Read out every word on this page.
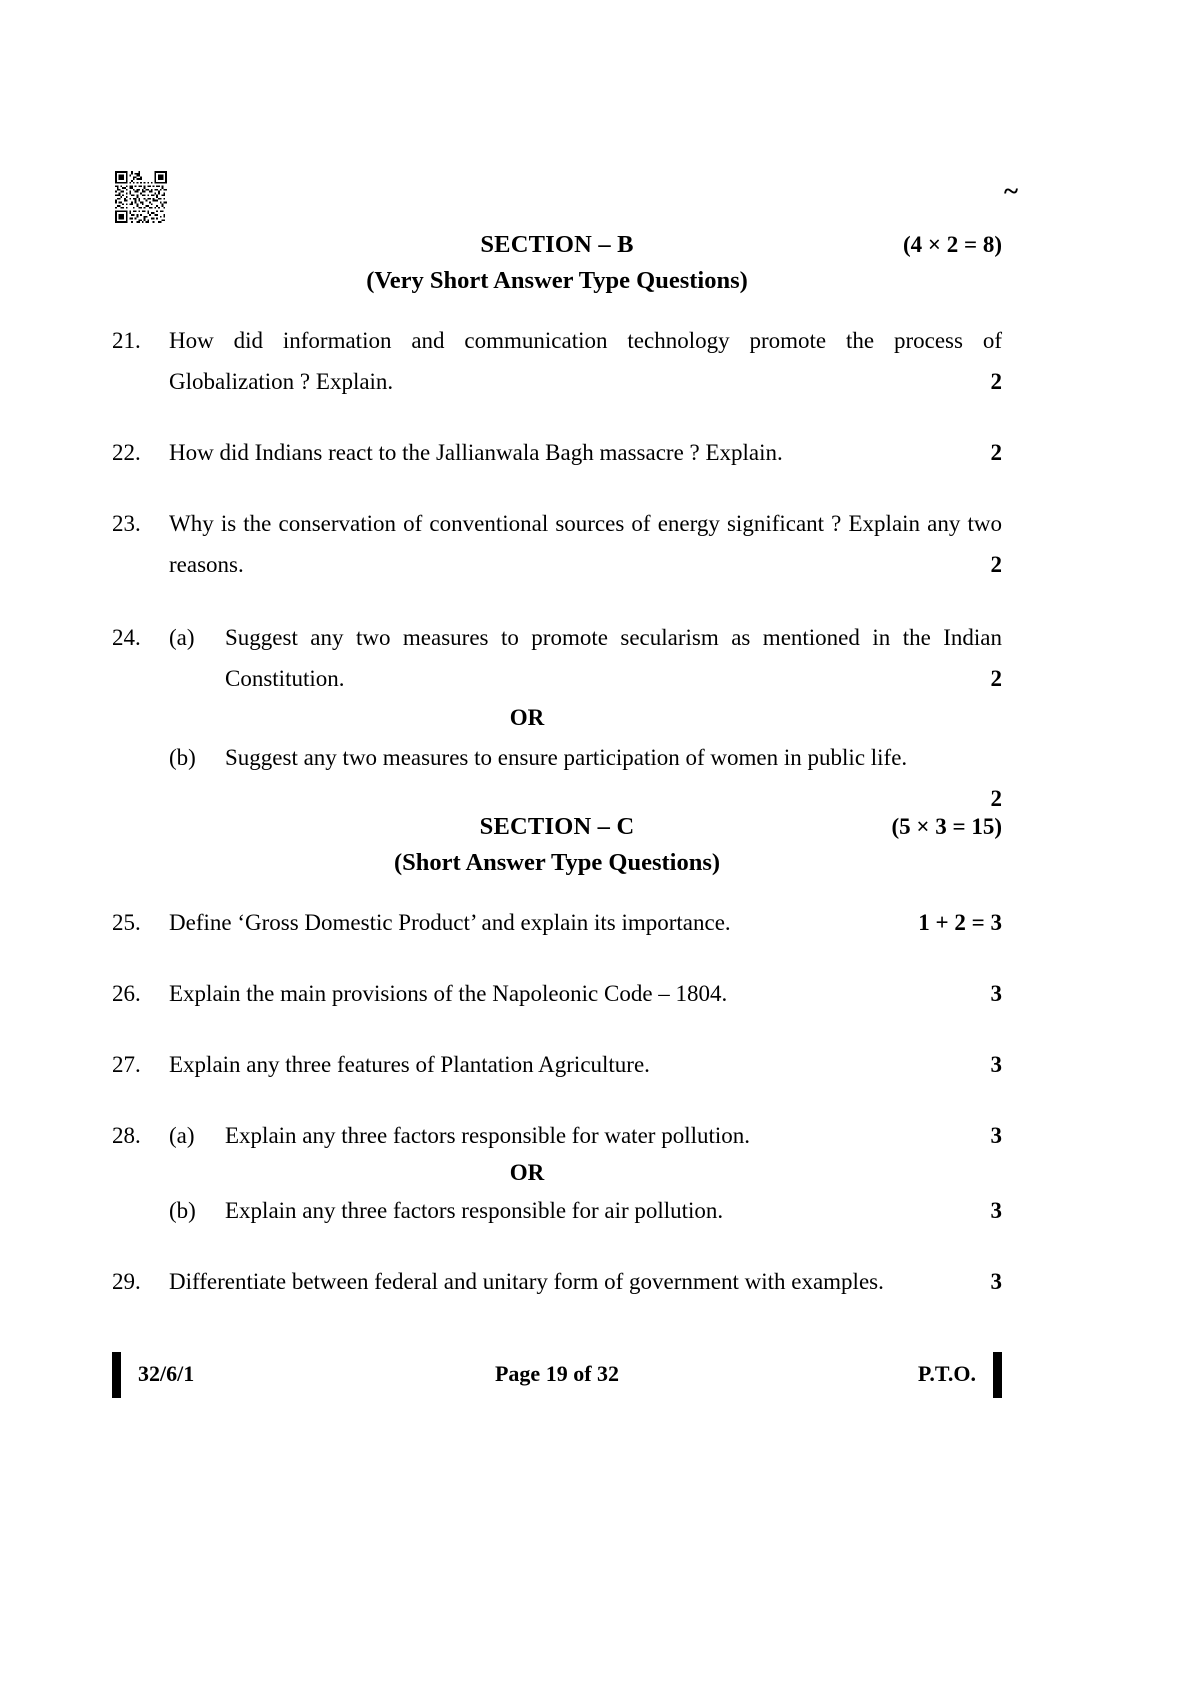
~
SECTION – B	(4 × 2 = 8)
(Very Short Answer Type Questions)
21.	How did information and communication technology promote the process of Globalization ? Explain.	2
22.	How did Indians react to the Jallianwala Bagh massacre ? Explain.	2
23.	Why is the conservation of conventional sources of energy significant ? Explain any two reasons.	2
24.	(a)	Suggest any two measures to promote secularism as mentioned in the Indian Constitution.	2
OR
(b)	Suggest any two measures to ensure participation of women in public life.
2
SECTION – C	(5 × 3 = 15)
(Short Answer Type Questions)
25.	Define ‘Gross Domestic Product’ and explain its importance.	1 + 2 = 3
26.	Explain the main provisions of the Napoleonic Code – 1804.	3
27.	Explain any three features of Plantation Agriculture.	3
28.	(a)	Explain any three factors responsible for water pollution.	3
OR
(b)	Explain any three factors responsible for air pollution.	3
29.	Differentiate between federal and unitary form of government with examples.	3
32/6/1	Page 19 of 32	P.T.O.
